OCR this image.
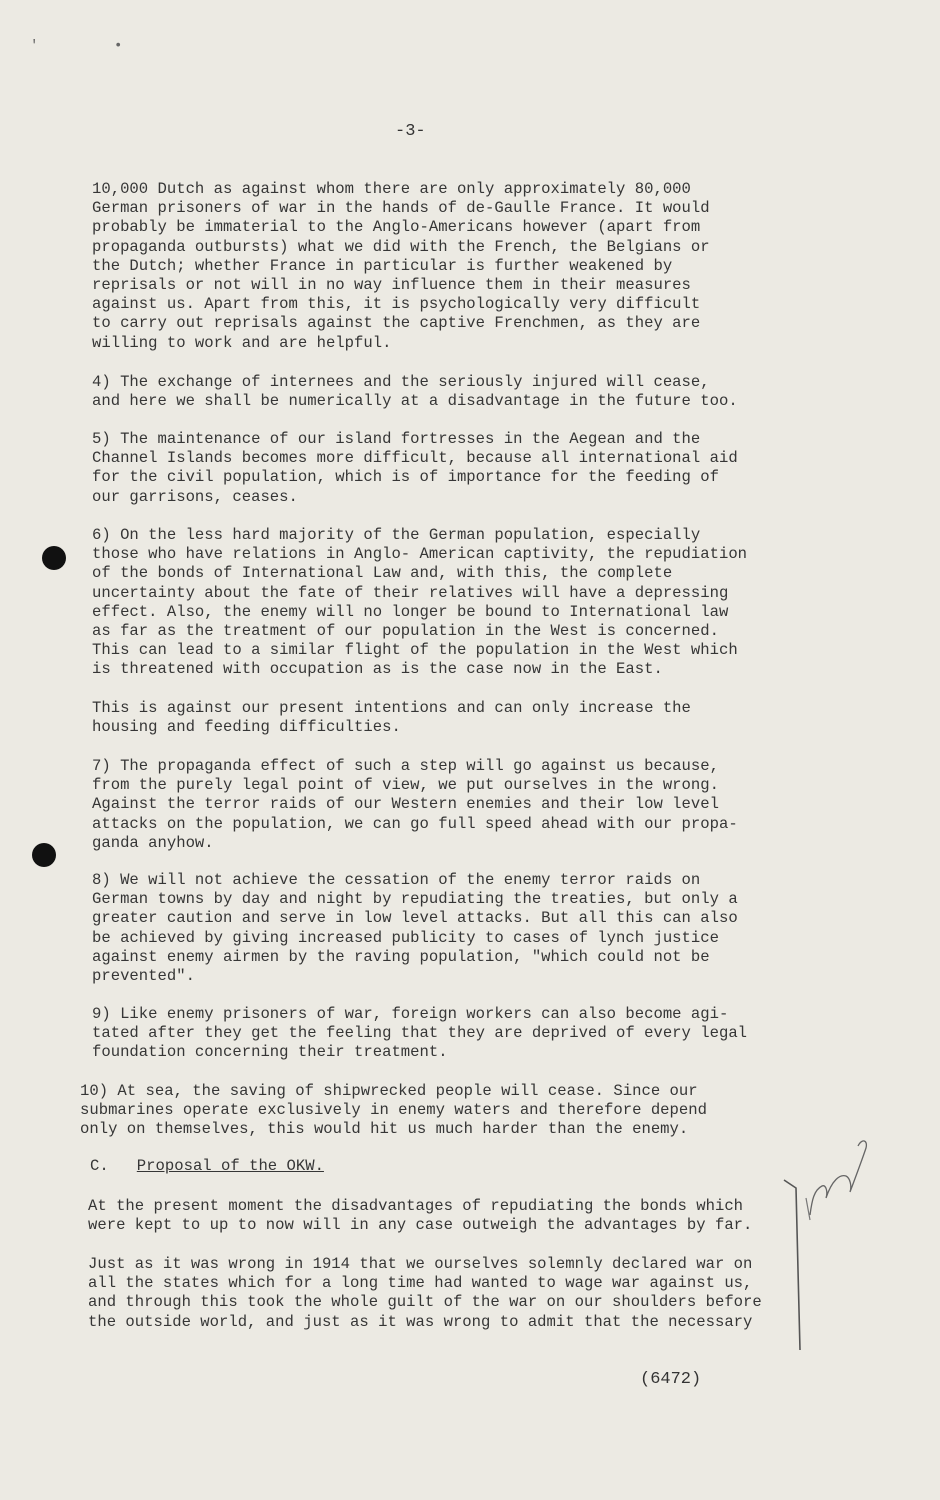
'         •
-3-

10,000 Dutch as against whom there are only approximately 80,000
German prisoners of war in the hands of de-Gaulle France. It would
probably be immaterial to the Anglo-Americans however (apart from
propaganda outbursts) what we did with the French, the Belgians or
the Dutch; whether France in particular is further weakened by
reprisals or not will in no way influence them in their measures
against us. Apart from this, it is psychologically very difficult
to carry out reprisals against the captive Frenchmen, as they are
willing to work and are helpful.

4) The exchange of internees and the seriously injured will cease,
and here we shall be numerically at a disadvantage in the future too.

5) The maintenance of our island fortresses in the Aegean and the
Channel Islands becomes more difficult, because all international aid
for the civil population, which is of importance for the feeding of
our garrisons, ceases.

6) On the less hard majority of the German population, especially
those who have relations in Anglo- American captivity, the repudiation
of the bonds of International Law and, with this, the complete
uncertainty about the fate of their relatives will have a depressing
effect. Also, the enemy will no longer be bound to International law
as far as the treatment of our population in the West is concerned.
This can lead to a similar flight of the population in the West which
is threatened with occupation as is the case now in the East.

This is against our present intentions and can only increase the
housing and feeding difficulties.

7) The propaganda effect of such a step will go against us because,
from the purely legal point of view, we put ourselves in the wrong.
Against the terror raids of our Western enemies and their low level
attacks on the population, we can go full speed ahead with our propa-
ganda anyhow.

8) We will not achieve the cessation of the enemy terror raids on
German towns by day and night by repudiating the treaties, but only a
greater caution and serve in low level attacks. But all this can also
be achieved by giving increased publicity to cases of lynch justice
against enemy airmen by the raving population, "which could not be
prevented".

9) Like enemy prisoners of war, foreign workers can also become agi-
tated after they get the feeling that they are deprived of every legal
foundation concerning their treatment.

10) At sea, the saving of shipwrecked people will cease. Since our
submarines operate exclusively in enemy waters and therefore depend
only on themselves, this would hit us much harder than the enemy.

C. Proposal of the OKW.

At the present moment the disadvantages of repudiating the bonds which
were kept to up to now will in any case outweigh the advantages by far.

Just as it was wrong in 1914 that we ourselves solemnly declared war on
all the states which for a long time had wanted to wage war against us,
and through this took the whole guilt of the war on our shoulders before
the outside world, and just as it was wrong to admit that the necessary

(6472)
